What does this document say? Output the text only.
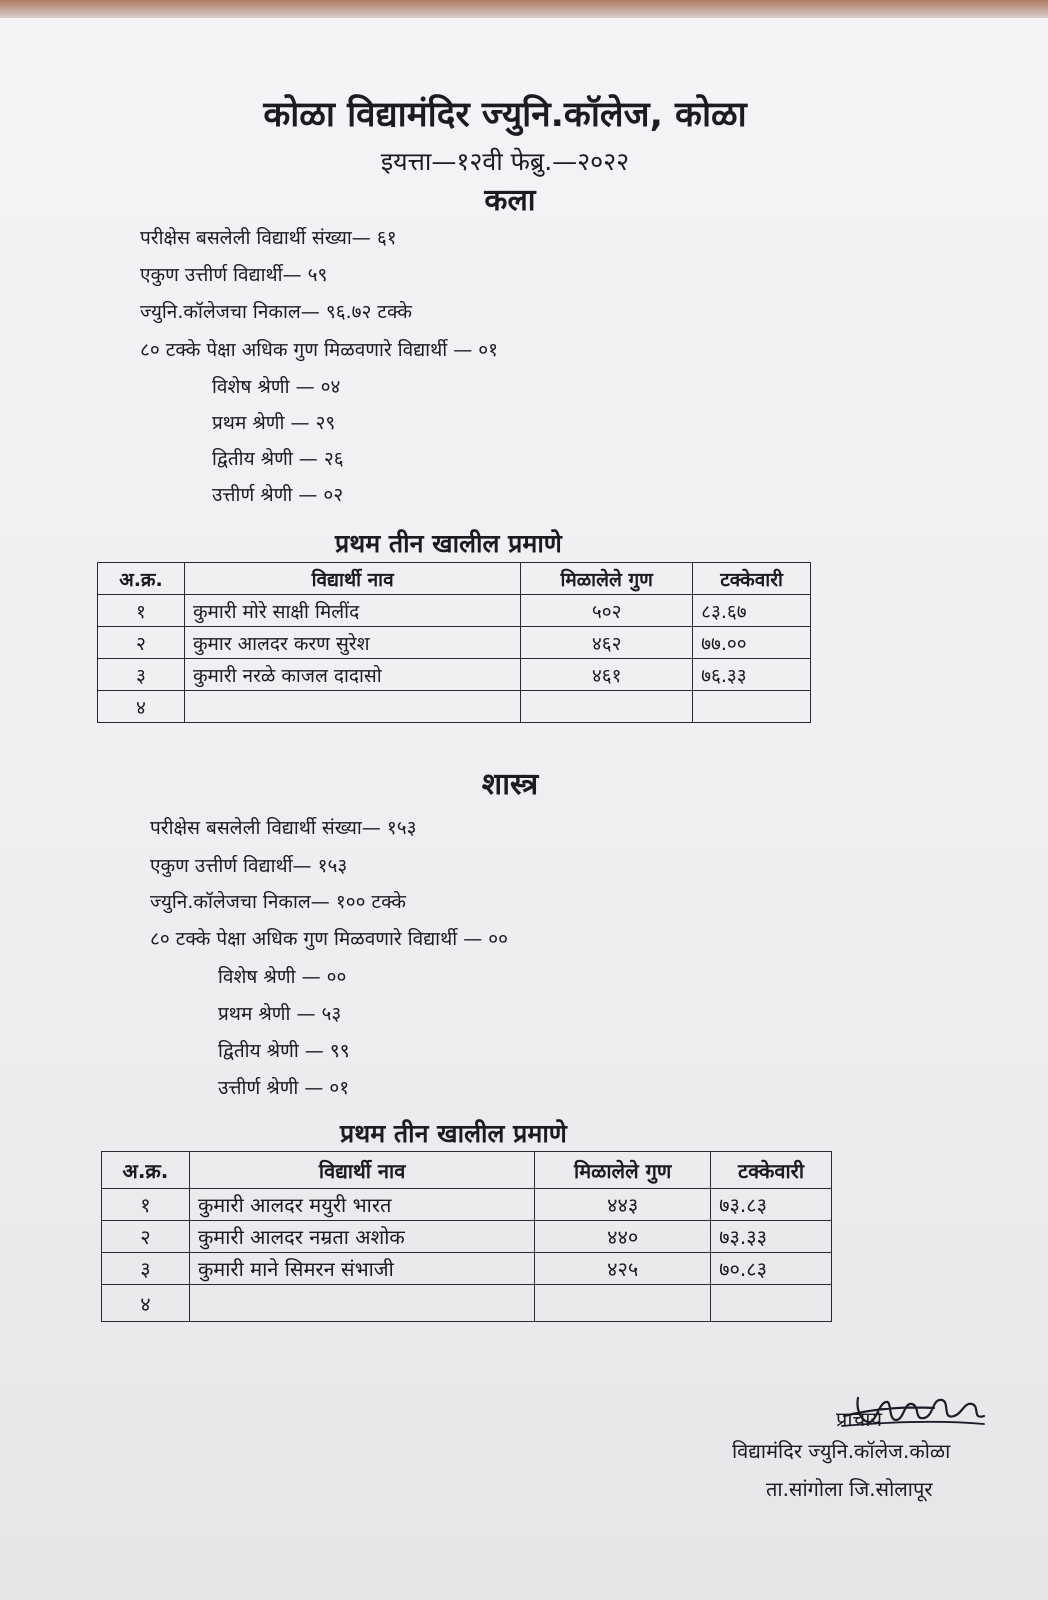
कोळा विद्यामंदिर ज्युनि.कॉलेज, कोळा
इयत्ता—१२वी फेब्रु.—२०२२
कला
परीक्षेस बसलेली विद्यार्थी संख्या— ६१
एकुण उत्तीर्ण विद्यार्थी— ५९
ज्युनि.कॉलेजचा निकाल— ९६.७२ टक्के
८० टक्के पेक्षा अधिक गुण मिळवणारे विद्यार्थी — ०१
विशेष श्रेणी — ०४
प्रथम श्रेणी — २९
द्वितीय श्रेणी — २६
उत्तीर्ण श्रेणी — ०२
प्रथम तीन खालील प्रमाणे
अ.क्र.	विद्यार्थी नाव	मिळालेले गुण	टक्केवारी
१	कुमारी मोरे साक्षी मिलींद	५०२	८३.६७
२	कुमार आलदर करण सुरेश	४६२	७७.००
३	कुमारी नरळे काजल दादासो	४६१	७६.३३
४			
शास्त्र
परीक्षेस बसलेली विद्यार्थी संख्या— १५३
एकुण उत्तीर्ण विद्यार्थी— १५३
ज्युनि.कॉलेजचा निकाल— १०० टक्के
८० टक्के पेक्षा अधिक गुण मिळवणारे विद्यार्थी — ००
विशेष श्रेणी — ००
प्रथम श्रेणी — ५३
द्वितीय श्रेणी — ९९
उत्तीर्ण श्रेणी — ०१
प्रथम तीन खालील प्रमाणे
अ.क्र.	विद्यार्थी नाव	मिळालेले गुण	टक्केवारी
१	कुमारी आलदर मयुरी भारत	४४३	७३.८३
२	कुमारी आलदर नम्रता अशोक	४४०	७३.३३
३	कुमारी माने सिमरन संभाजी	४२५	७०.८३
४			
प्राचार्य
विद्यामंदिर ज्युनि.कॉलेज.कोळा
ता.सांगोला जि.सोलापूर
